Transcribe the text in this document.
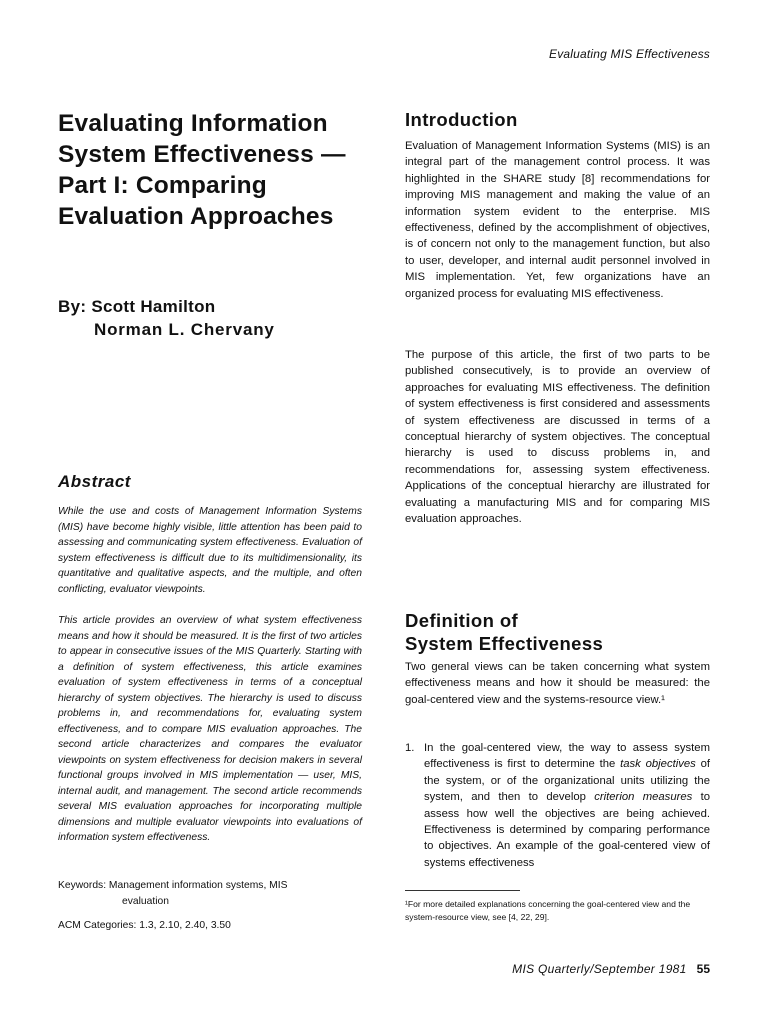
Evaluating MIS Effectiveness
Evaluating Information
System Effectiveness —
Part I: Comparing
Evaluation Approaches
By: Scott Hamilton
Norman L. Chervany
Abstract

While the use and costs of Management Information Systems (MIS) have become highly visible, little attention has been paid to assessing and communicating system effectiveness. Evaluation of system effectiveness is difficult due to its multidimensionality, its quantitative and qualitative aspects, and the multiple, and often conflicting, evaluator viewpoints.

This article provides an overview of what system effectiveness means and how it should be measured. It is the first of two articles to appear in consecutive issues of the MIS Quarterly. Starting with a definition of system effectiveness, this article examines evaluation of system effectiveness in terms of a conceptual hierarchy of system objectives. The hierarchy is used to discuss problems in, and recommendations for, evaluating system effectiveness, and to compare MIS evaluation approaches. The second article characterizes and compares the evaluator viewpoints on system effectiveness for decision makers in several functional groups involved in MIS implementation — user, MIS, internal audit, and management. The second article recommends several MIS evaluation approaches for incorporating multiple dimensions and multiple evaluator viewpoints into evaluations of information system effectiveness.

Keywords: Management information systems, MIS
evaluation
ACM Categories: 1.3, 2.10, 2.40, 3.50
Introduction

Evaluation of Management Information Systems (MIS) is an integral part of the management control process. It was highlighted in the SHARE study [8] recommendations for improving MIS management and making the value of an information system evident to the enterprise. MIS effectiveness, defined by the accomplishment of objectives, is of concern not only to the management function, but also to user, developer, and internal audit personnel involved in MIS implementation. Yet, few organizations have an organized process for evaluating MIS effectiveness.

The purpose of this article, the first of two parts to be published consecutively, is to provide an overview of approaches for evaluating MIS effectiveness. The definition of system effectiveness is first considered and assessments of system effectiveness are discussed in terms of a conceptual hierarchy of system objectives. The conceptual hierarchy is used to discuss problems in, and recommendations for, assessing system effectiveness. Applications of the conceptual hierarchy are illustrated for evaluating a manufacturing MIS and for comparing MIS evaluation approaches.

Definition of
System Effectiveness

Two general views can be taken concerning what system effectiveness means and how it should be measured: the goal-centered view and the systems-resource view.¹

1. In the goal-centered view, the way to assess system effectiveness is first to determine the task objectives of the system, or of the organizational units utilizing the system, and then to develop criterion measures to assess how well the objectives are being achieved. Effectiveness is determined by comparing performance to objectives. An example of the goal-centered view of systems effectiveness

¹For more detailed explanations concerning the goal-centered view and the system-resource view, see [4, 22, 29].

MIS Quarterly/September 1981 55
